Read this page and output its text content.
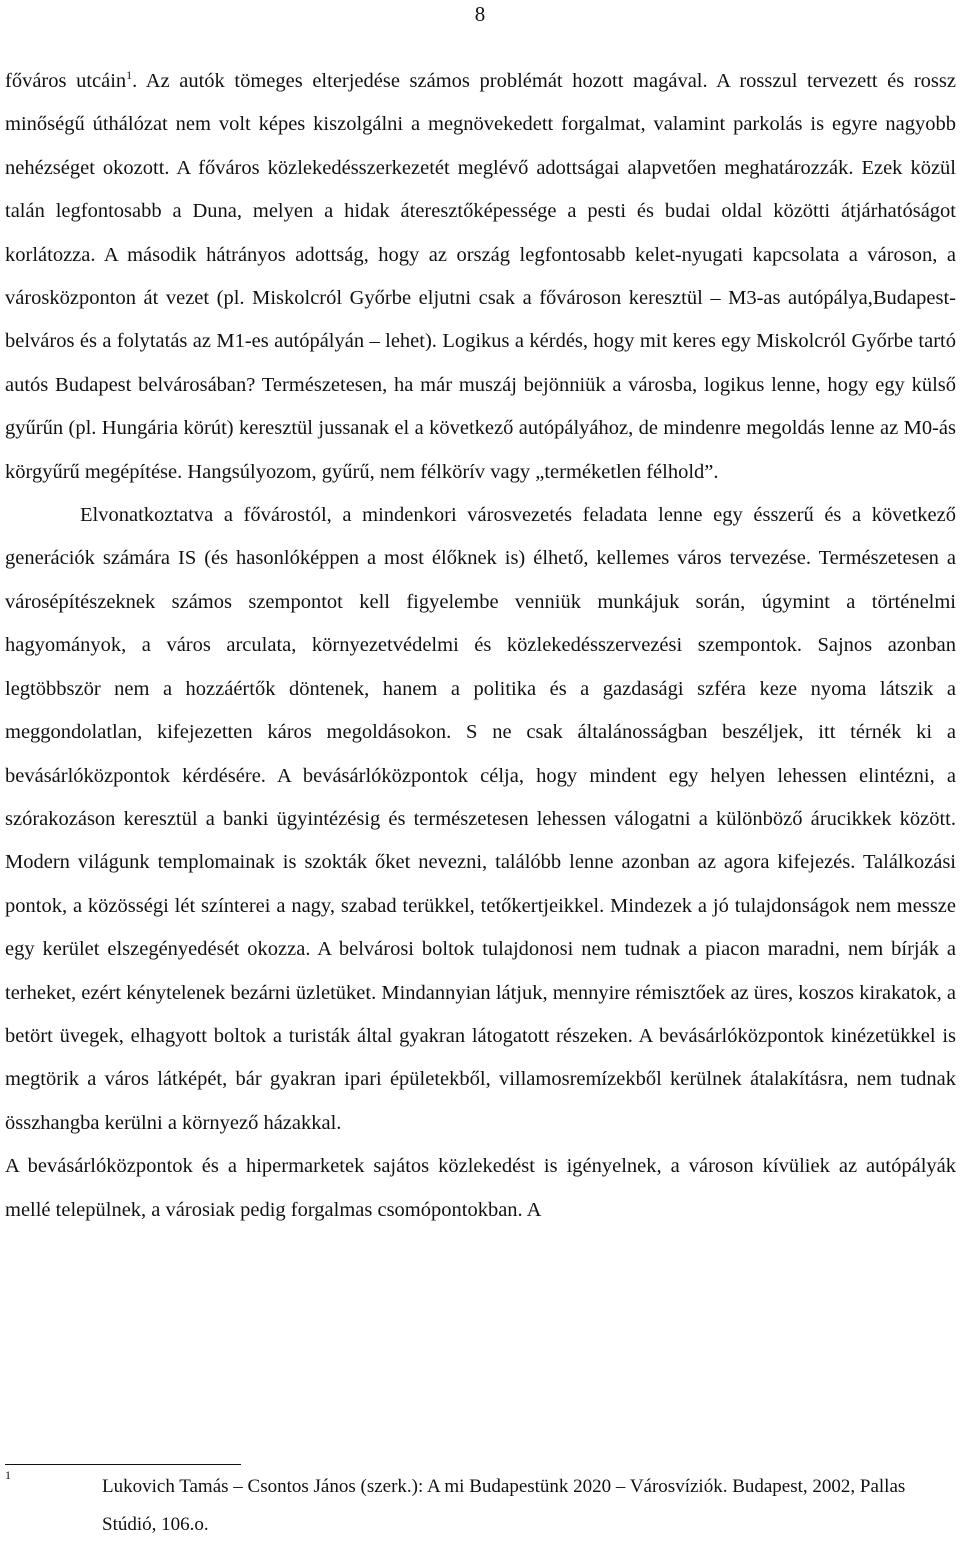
8

főváros utcáin$^1$. Az autók tömeges elterjedése számos problémát hozott magával. A rosszul tervezett és rossz minőségű úthálózat nem volt képes kiszolgálni a megnövekedett forgalmat, valamint parkolás is egyre nagyobb nehézséget okozott. A főváros közlekedésszerkezetét meglévő adottságai alapvetően meghatározzák. Ezek közül talán legfontosabb a Duna, melyen a hidak áteresztőképessége a pesti és budai oldal közötti átjárhatóságot korlátozza. A második hátrányos adottság, hogy az ország legfontosabb kelet-nyugati kapcsolata a városon, a városközponton át vezet (pl. Miskolcról Győrbe eljutni csak a fővároson keresztül – M3-as autópálya,Budapest-belváros és a folytatás az M1-es autópályán – lehet). Logikus a kérdés, hogy mit keres egy Miskolcról Győrbe tartó autós Budapest belvárosában? Természetesen, ha már muszáj bejönniük a városba, logikus lenne, hogy egy külső gyűrűn (pl. Hungária körút) keresztül jussanak el a következő autópályához, de mindenre megoldás lenne az M0-ás körgyűrű megépítése. Hangsúlyozom, gyűrű, nem félkörív vagy „terméketlen félhold”.

Elvonatkoztatva a fővárostól, a mindenkori városvezetés feladata lenne egy ésszerű és a következő generációk számára IS (és hasonlóképpen a most élőknek is) élhető, kellemes város tervezése. Természetesen a városépítészeknek számos szempontot kell figyelembe venniük munkájuk során, úgymint a történelmi hagyományok, a város arculata, környezetvédelmi és közlekedésszervezési szempontok. Sajnos azonban legtöbbször nem a hozzáértők döntenek, hanem a politika és a gazdasági szféra keze nyoma látszik a meggondolatlan, kifejezetten káros megoldásokon. S ne csak általánosságban beszéljek, itt térnék ki a bevásárlóközpontok kérdésére. A bevásárlóközpontok célja, hogy mindent egy helyen lehessen elintézni, a szórakozáson keresztül a banki ügyintézésig és természetesen lehessen válogatni a különböző árucikkek között. Modern világunk templomainak is szokták őket nevezni, találóbb lenne azonban az agora kifejezés. Találkozási pontok, a közösségi lét színterei a nagy, szabad terükkel, tetőkertjeikkel. Mindezek a jó tulajdonságok nem messze egy kerület elszegényedését okozza. A belvárosi boltok tulajdonosi nem tudnak a piacon maradni, nem bírják a terheket, ezért kénytelenek bezárni üzletüket. Mindannyian látjuk, mennyire rémisztőek az üres, koszos kirakatok, a betört üvegek, elhagyott boltok a turisták által gyakran látogatott részeken. A bevásárlóközpontok kinézetükkel is megtörik a város látképét, bár gyakran ipari épületekből, villamosremízekből kerülnek átalakításra, nem tudnak összhangba kerülni a környező házakkal.

A bevásárlóközpontok és a hipermarketek sajátos közlekedést is igényelnek, a városon kívüliek az autópályák mellé települnek, a városiak pedig forgalmas csomópontokban. A

1
Lukovich Tamás – Csontos János (szerk.): A mi Budapestünk 2020 – Városvíziók. Budapest, 2002, Pallas Stúdió, 106.o.
